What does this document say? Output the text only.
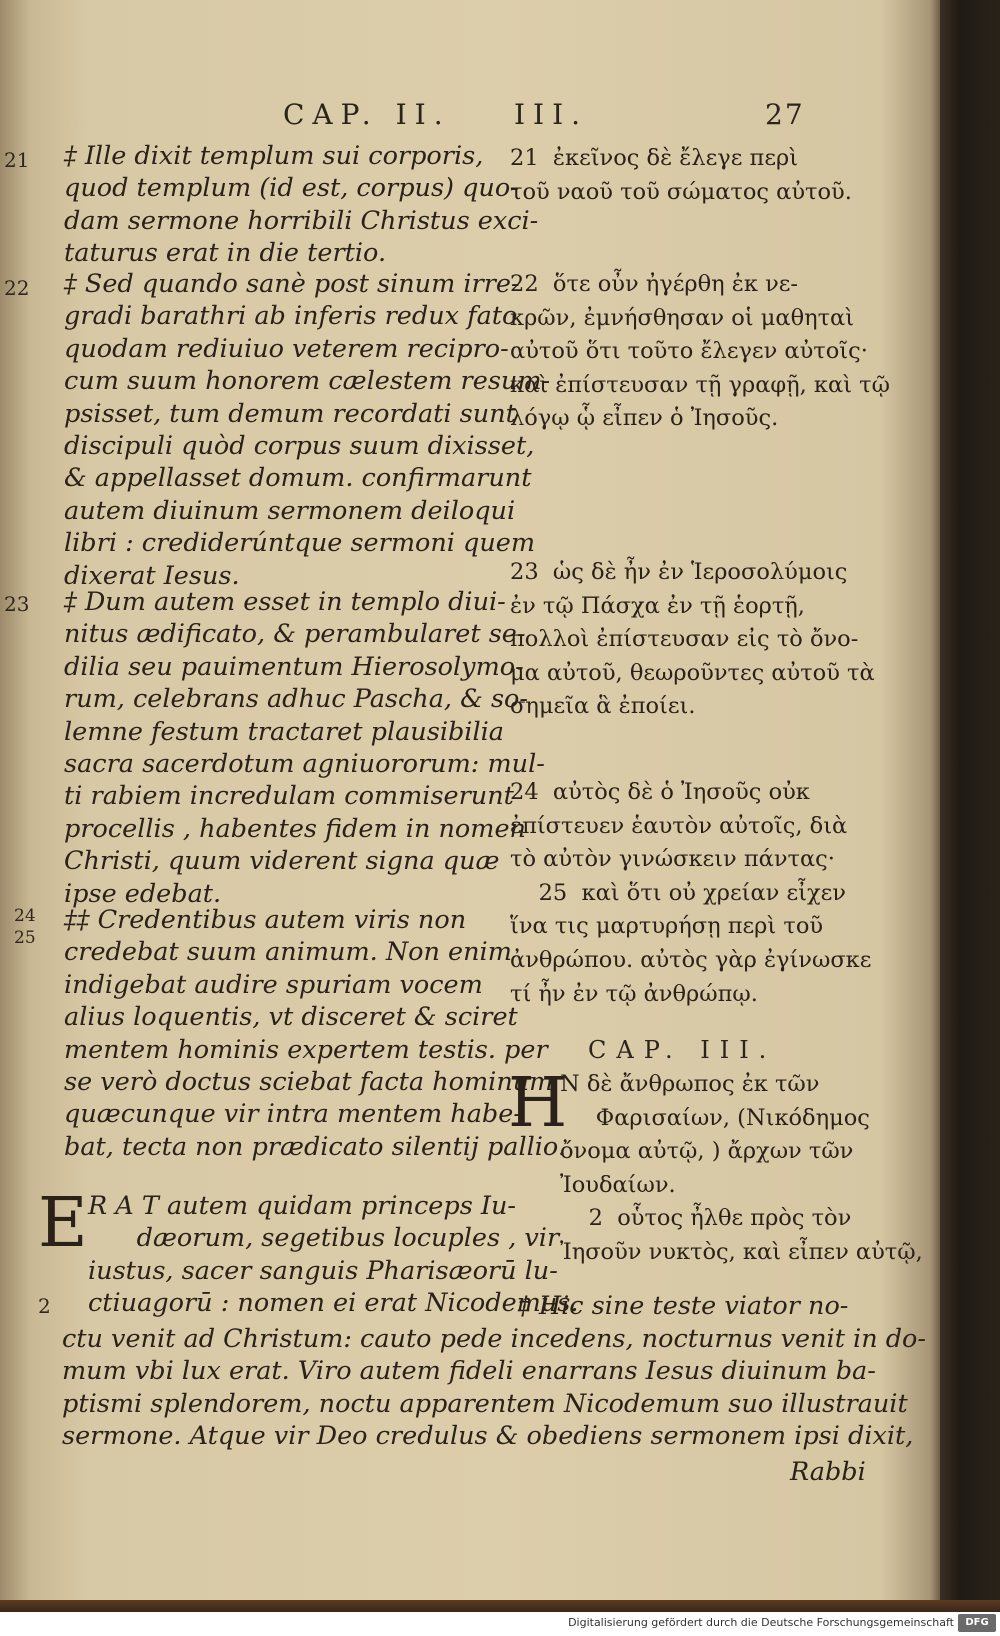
CAP. II. III.	27
21
22
23
24
25
‡ Ille dixit templum sui corporis,
quod templum (id est, corpus) quo-
dam sermone horribili Christus exci-
taturus erat in die tertio.
‡ Sed quando sanè post sinum irre-
gradi barathri ab inferis redux fato
quodam rediuiuo veterem recipro-
cum suum honorem cælestem resum-
psisset, tum demum recordati sunt
discipuli quòd corpus suum dixisset,
& appellasset domum. confirmarunt
autem diuinum sermonem deiloqui
libri : crediderúntque sermoni quem
dixerat Iesus.
‡ Dum autem esset in templo diui-
nitus ædificato, & perambularet se-
dilia seu pauimentum Hierosolymo-
rum, celebrans adhuc Pascha, & so-
lemne festum tractaret plausibilia
sacra sacerdotum agniuororum: mul-
ti rabiem incredulam commiserunt
procellis , habentes fidem in nomen
Christi, quum viderent signa quæ
ipse edebat.
‡‡ Credentibus autem viris non
credebat suum animum. Non enim
indigebat audire spuriam vocem
alius loquentis, vt disceret & sciret
mentem hominis expertem testis. per
se verò doctus sciebat facta hominum
quæcunque vir intra mentem habe-
bat, tecta non prædicato silentij pallio.
E R A T autem quidam princeps Iu-
dæorum, segetibus locuples , vir
iustus, sacer sanguis Pharisæorū lu-
ctiuagorū : nomen ei erat Nicodemus.
21  ἐκεῖνος δὲ ἔλεγε περὶ
τοῦ ναοῦ τοῦ σώματος αὐτοῦ.
22  ὅτε οὖν ἠγέρθη ἐκ νε-
κρῶν, ἐμνήσθησαν οἱ μαθηταὶ
αὐτοῦ ὅτι τοῦτο ἔλεγεν αὐτοῖς·
καὶ ἐπίστευσαν τῇ γραφῇ, καὶ τῷ
λόγῳ ᾧ εἶπεν ὁ Ἰησοῦς.
23  ὡς δὲ ἦν ἐν Ἱεροσολύμοις
ἐν τῷ Πάσχα ἐν τῇ ἑορτῇ,
πολλοὶ ἐπίστευσαν εἰς τὸ ὄνο-
μα αὐτοῦ, θεωροῦντες αὐτοῦ τὰ
σημεῖα ἃ ἐποίει.
24  αὐτὸς δὲ ὁ Ἰησοῦς οὐκ
ἐπίστευεν ἑαυτὸν αὐτοῖς, διὰ
τὸ αὐτὸν γινώσκειν πάντας·
25  καὶ ὅτι οὐ χρείαν εἶχεν
ἵνα τις μαρτυρήσῃ περὶ τοῦ
ἀνθρώπου. αὐτὸς γὰρ ἐγίνωσκε
τί ἦν ἐν τῷ ἀνθρώπῳ.
CAP. III.
H
N δὲ ἄνθρωπος ἐκ τῶν
Φαρισαίων, (Νικόδημος
ὄνομα αὐτῷ, ) ἄρχων τῶν
Ἰουδαίων.
2  οὗτος ἦλθε πρὸς τὸν
Ἰησοῦν νυκτὸς, καὶ εἶπεν αὐτῷ,
2

	‡ Hic sine teste viator no-

ctu venit ad Christum: cauto pede incedens, nocturnus venit in do-
mum vbi lux erat. Viro autem fideli enarrans Iesus diuinum ba-
ptismi splendorem, noctu apparentem Nicodemum suo illustrauit
sermone. Atque vir Deo credulus & obediens sermonem ipsi dixit,
Rabbi
Digitalisierung gefördert durch die Deutsche Forschungsgemeinschaft	DFG
